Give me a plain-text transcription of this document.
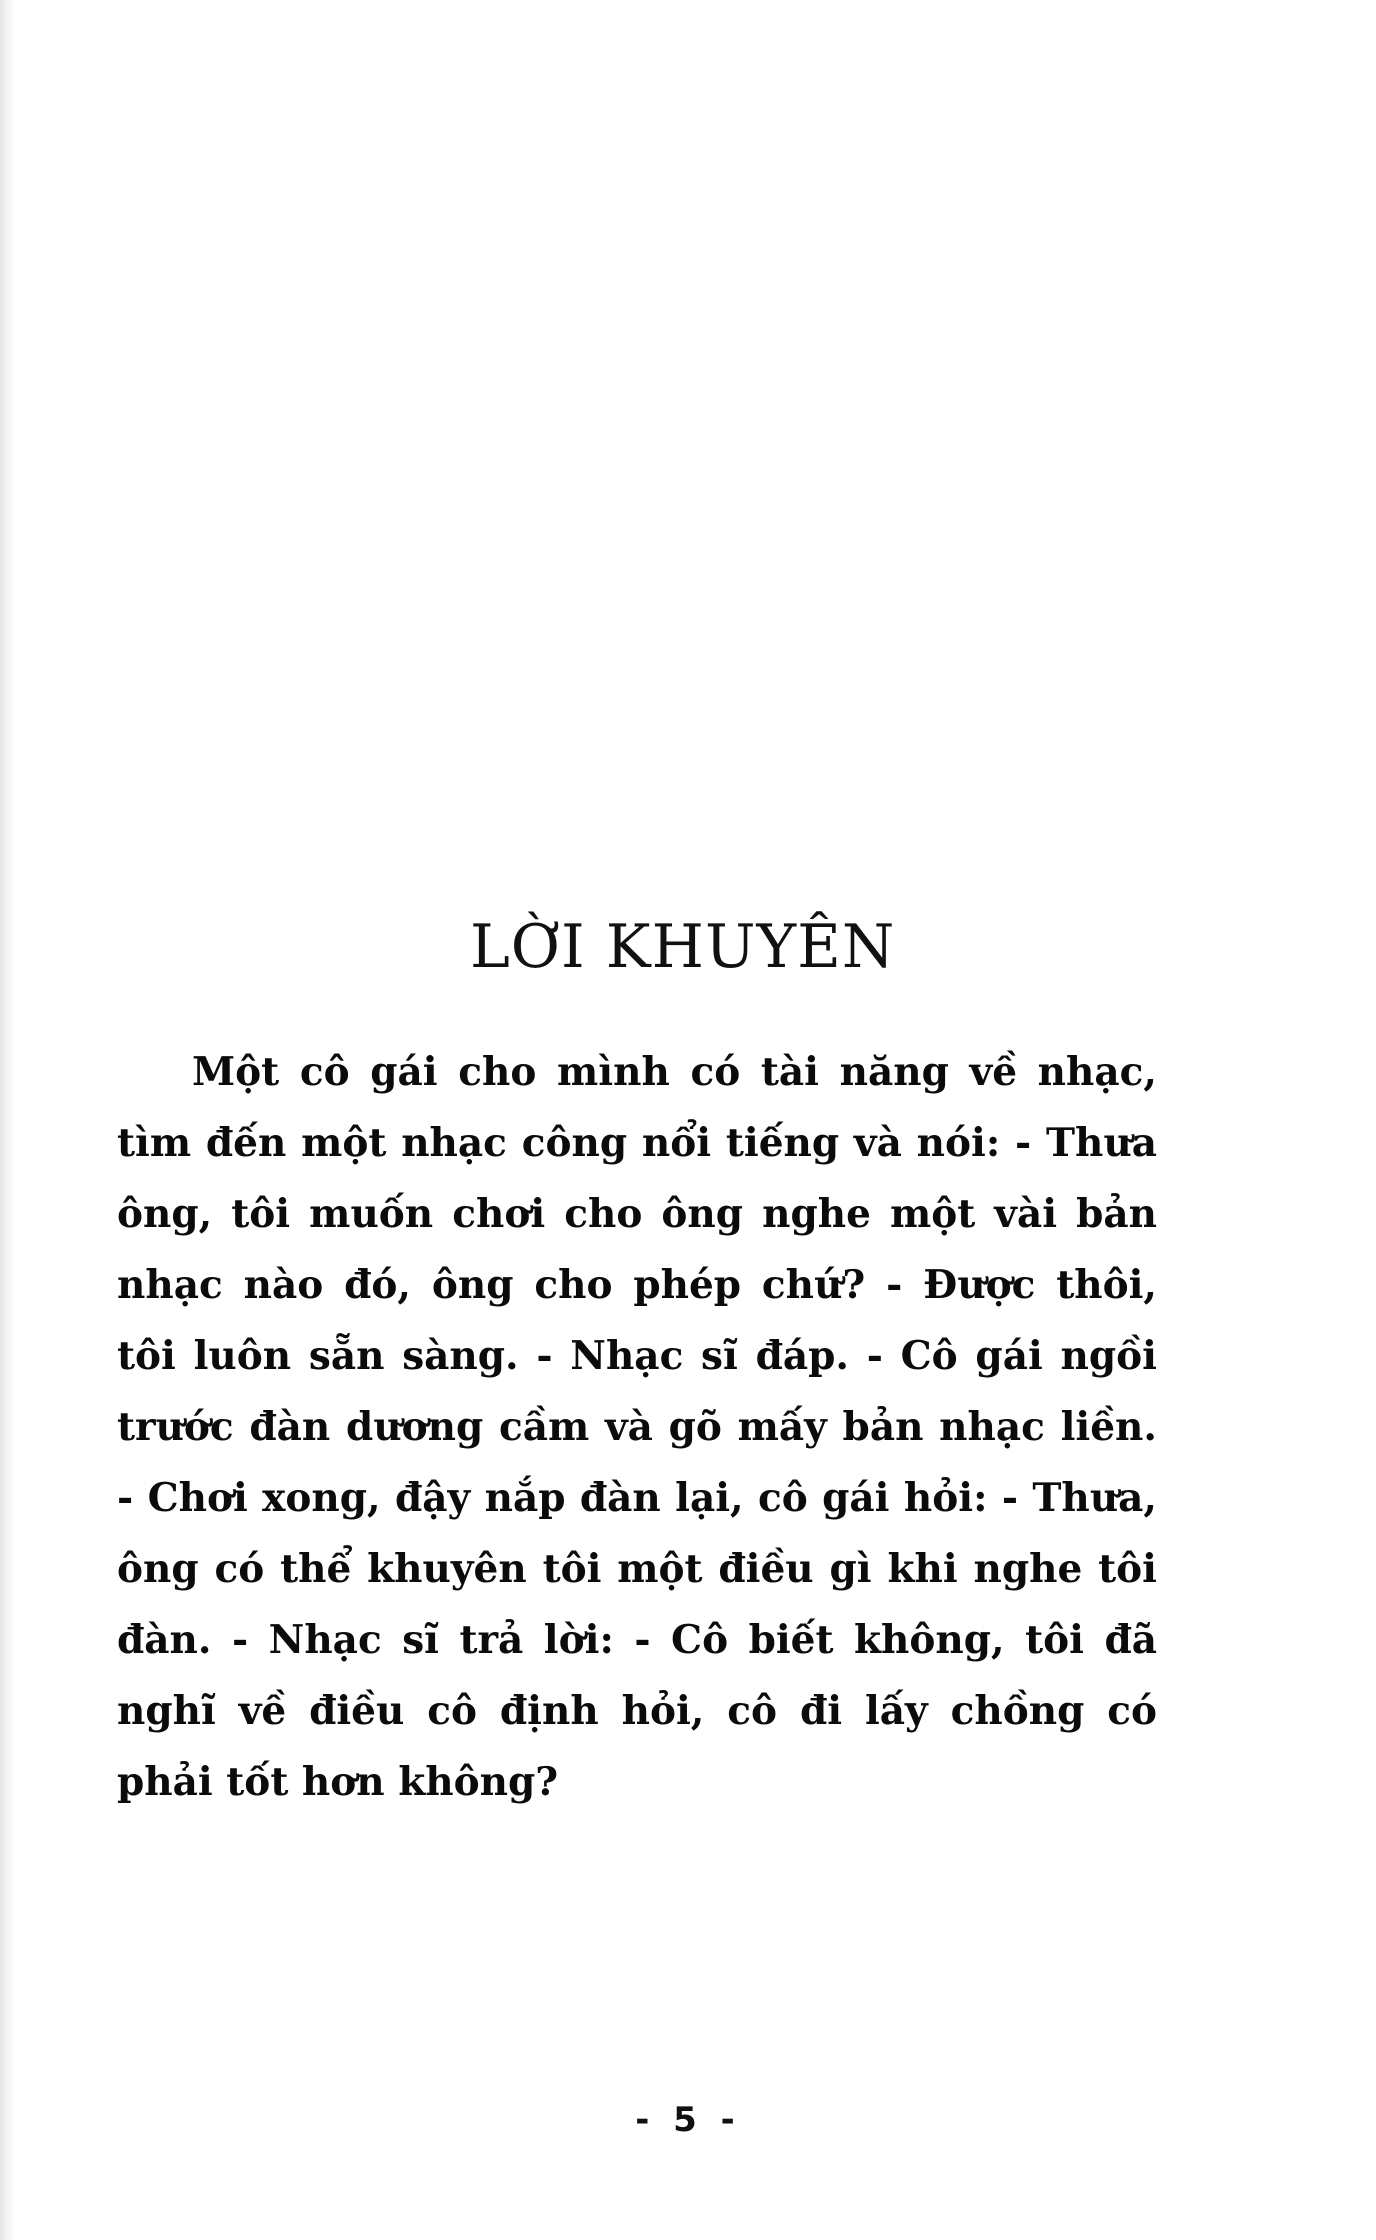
LỜI KHUYÊN
Một cô gái cho mình có tài năng về nhạc,
tìm đến một nhạc công nổi tiếng và nói: - Thưa
ông, tôi muốn chơi cho ông nghe một vài bản
nhạc nào đó, ông cho phép chứ? - Được thôi,
tôi luôn sẵn sàng. - Nhạc sĩ đáp. - Cô gái ngồi
trước đàn dương cầm và gõ mấy bản nhạc liền.
- Chơi xong, đậy nắp đàn lại, cô gái hỏi: - Thưa,
ông có thể khuyên tôi một điều gì khi nghe tôi
đàn. - Nhạc sĩ trả lời: - Cô biết không, tôi đã
nghĩ về điều cô định hỏi, cô đi lấy chồng có
phải tốt hơn không?
- 5 -
